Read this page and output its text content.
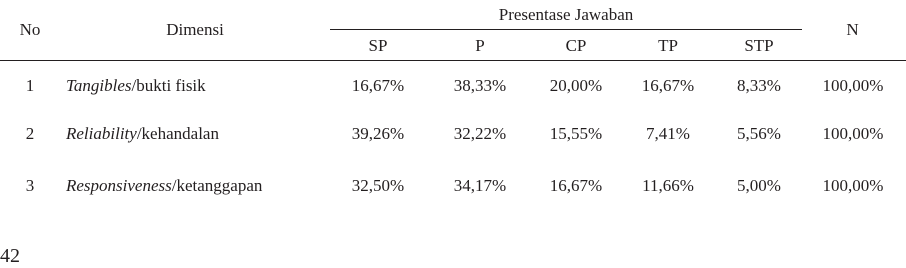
No	Dimensi
Presentase Jawaban
N
SP	P	CP	TP	STP
1	Tangibles/bukti fisik	16,67%	38,33%	20,00%	16,67%	8,33%	100,00%
2	Reliability/kehandalan	39,26%	32,22%	15,55%	7,41%	5,56%	100,00%
3	Responsiveness/ketanggapan	32,50%	34,17%	16,67%	11,66%	5,00%	100,00%
42
